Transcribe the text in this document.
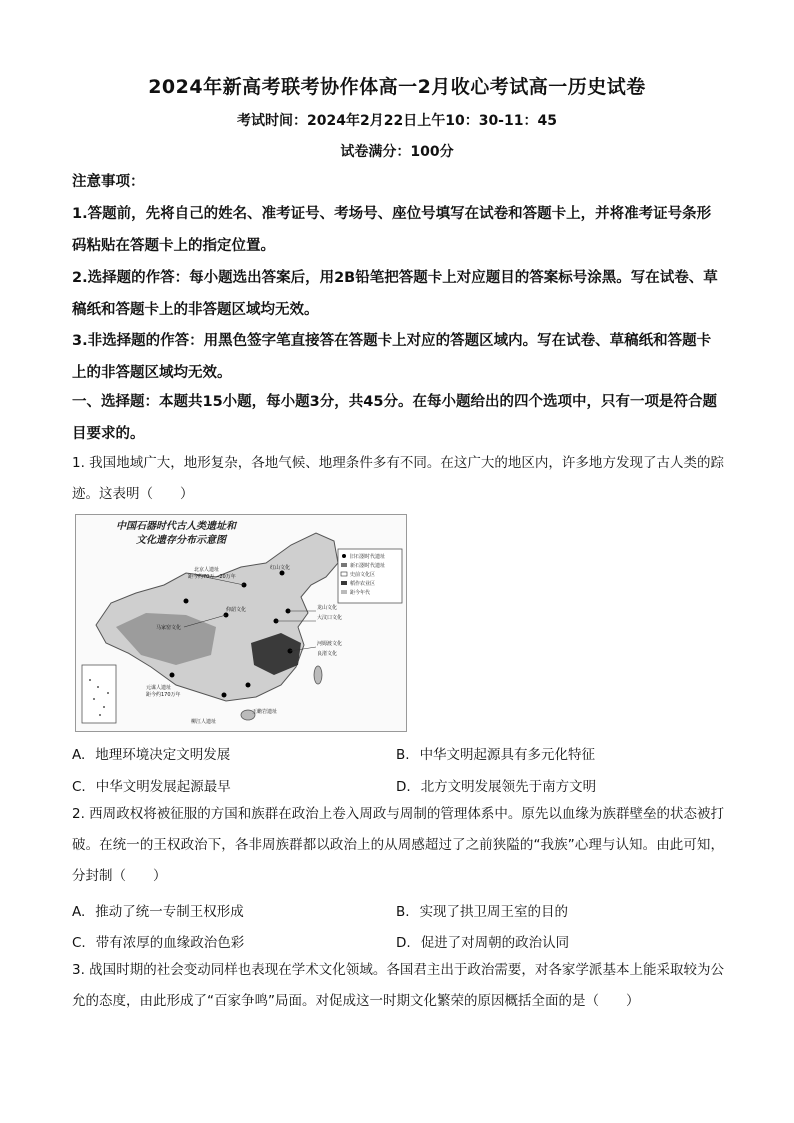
2024年新高考联考协作体高一2月收心考试高一历史试卷
考试时间：2024年2月22日上午10：30-11：45
试卷满分：100分
注意事项：
1.答题前，先将自己的姓名、准考证号、考场号、座位号填写在试卷和答题卡上，并将准考证号条形码粘贴在答题卡上的指定位置。
2.选择题的作答：每小题选出答案后，用2B铅笔把答题卡上对应题目的答案标号涂黑。写在试卷、草稿纸和答题卡上的非答题区域均无效。
3.非选择题的作答：用黑色签字笔直接答在答题卡上对应的答题区域内。写在试卷、草稿纸和答题卡上的非答题区域均无效。
一、选择题：本题共15小题，每小题3分，共45分。在每小题给出的四个选项中，只有一项是符合题目要求的。
1. 我国地域广大，地形复杂，各地气候、地理条件多有不同。在这广大的地区内，许多地方发现了古人类的踪迹。这表明（　　）
旧石器时代遗址
新石器时代遗址
史前文化区
稻作农业区
距今年代
中国石器时代古人类遗址和
文化遗存分布示意图
北京人遗址
距今约70万—20万年
红山文化
龙山文化
大汶口文化
仰韶文化
河姆渡文化
良渚文化
马家窑文化
元谋人遗址
距今约170万年
柳江人遗址
玉蟾岩遗址
A. 地理环境决定文明发展	B. 中华文明起源具有多元化特征
C. 中华文明发展起源最早	D. 北方文明发展领先于南方文明
2. 西周政权将被征服的方国和族群在政治上卷入周政与周制的管理体系中。原先以血缘为族群壁垒的状态被打破。在统一的王权政治下，各非周族群都以政治上的从周感超过了之前狭隘的“我族”心理与认知。由此可知，分封制（　　）
A. 推动了统一专制王权形成	B. 实现了拱卫周王室的目的
C. 带有浓厚的血缘政治色彩	D. 促进了对周朝的政治认同
3. 战国时期的社会变动同样也表现在学术文化领域。各国君主出于政治需要，对各家学派基本上能采取较为公允的态度，由此形成了“百家争鸣”局面。对促成这一时期文化繁荣的原因概括全面的是（　　）
